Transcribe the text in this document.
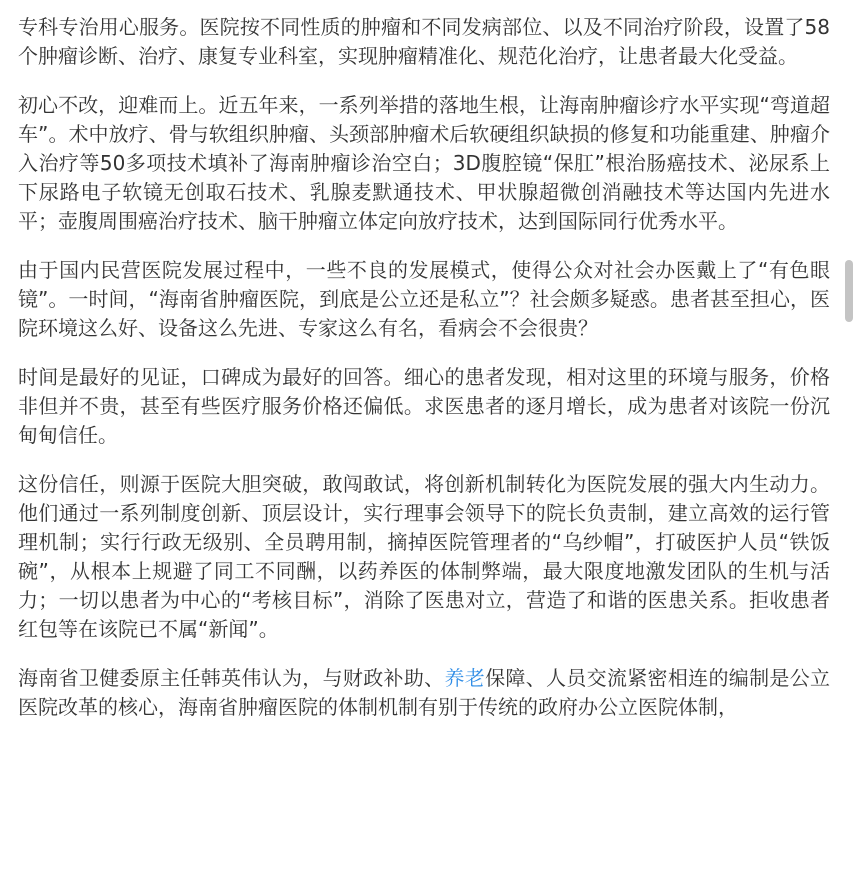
专科专治用心服务。医院按不同性质的肿瘤和不同发病部位、以及不同治疗阶段，设置了58个肿瘤诊断、治疗、康复专业科室，实现肿瘤精准化、规范化治疗，让患者最大化受益。

初心不改，迎难而上。近五年来，一系列举措的落地生根，让海南肿瘤诊疗水平实现“弯道超车”。术中放疗、骨与软组织肿瘤、头颈部肿瘤术后软硬组织缺损的修复和功能重建、肿瘤介入治疗等50多项技术填补了海南肿瘤诊治空白；3D腹腔镜“保肛”根治肠癌技术、泌尿系上下尿路电子软镜无创取石技术、乳腺麦默通技术、甲状腺超微创消融技术等达国内先进水平；壶腹周围癌治疗技术、脑干肿瘤立体定向放疗技术，达到国际同行优秀水平。

由于国内民营医院发展过程中，一些不良的发展模式，使得公众对社会办医戴上了“有色眼镜”。一时间，“海南省肿瘤医院，到底是公立还是私立”？社会颇多疑惑。患者甚至担心，医院环境这么好、设备这么先进、专家这么有名，看病会不会很贵？

时间是最好的见证，口碑成为最好的回答。细心的患者发现，相对这里的环境与服务，价格非但并不贵，甚至有些医疗服务价格还偏低。求医患者的逐月增长，成为患者对该院一份沉甸甸信任。

这份信任，则源于医院大胆突破，敢闯敢试，将创新机制转化为医院发展的强大内生动力。他们通过一系列制度创新、顶层设计，实行理事会领导下的院长负责制，建立高效的运行管理机制；实行行政无级别、全员聘用制，摘掉医院管理者的“乌纱帽”，打破医护人员“铁饭碗”，从根本上规避了同工不同酬，以药养医的体制弊端，最大限度地激发团队的生机与活力；一切以患者为中心的“考核目标”，消除了医患对立，营造了和谐的医患关系。拒收患者红包等在该院已不属“新闻”。

海南省卫健委原主任韩英伟认为，与财政补助、养老保障、人员交流紧密相连的编制是公立医院改革的核心，海南省肿瘤医院的体制机制有别于传统的政府办公立医院体制，
